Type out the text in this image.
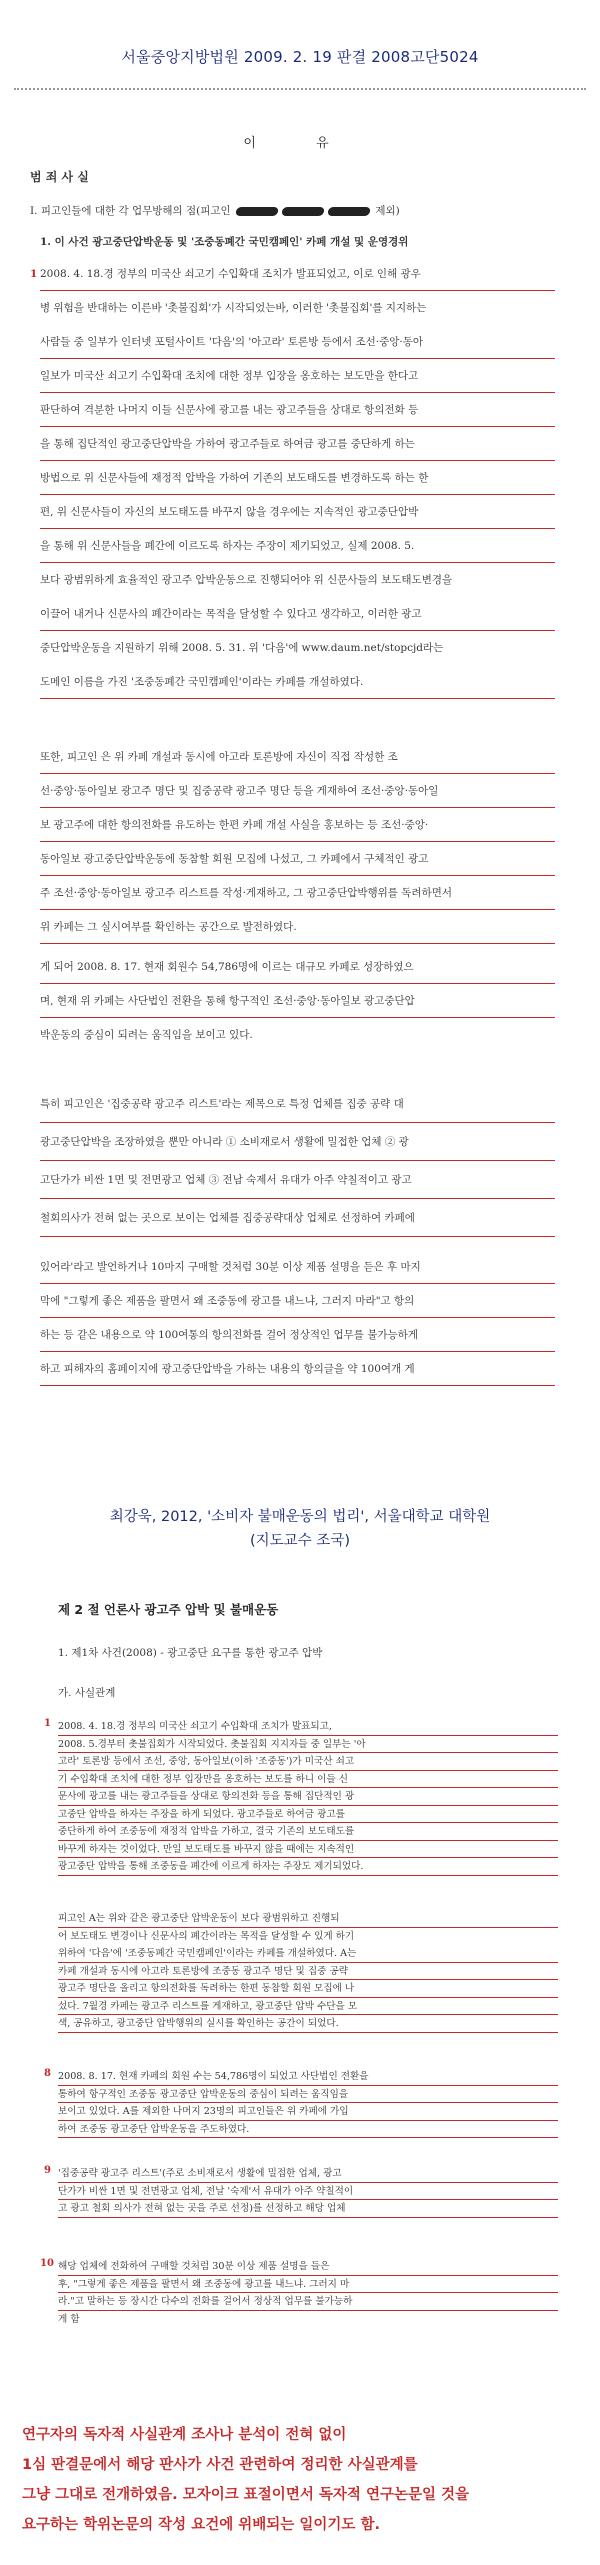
서울중앙지방법원 2009. 2. 19 판결 2008고단5024
이 유
범 죄 사 실
I. 피고인들에 대한 각 업무방해의 점(피고인	제외)
1. 이 사건 광고중단압박운동 및 '조중동폐간 국민캠페인' 카페 개설 및 운영경위
1 2008. 4. 18.경 정부의 미국산 쇠고기 수입확대 조치가 발표되었고, 이로 인해 광우
병 위험을 반대하는 이른바 '촛불집회'가 시작되었는바, 이러한 '촛불집회'를 지지하는
사람들 중 일부가 인터넷 포털사이트 '다음'의 '아고라' 토론방 등에서 조선·중앙·동아
일보가 미국산 쇠고기 수입확대 조치에 대한 정부 입장을 옹호하는 보도만을 한다고
판단하여 격분한 나머지 이들 신문사에 광고를 내는 광고주들을 상대로 항의전화 등
을 통해 집단적인 광고중단압박을 가하여 광고주들로 하여금 광고를 중단하게 하는
방법으로 위 신문사들에 재정적 압박을 가하여 기존의 보도태도를 변경하도록 하는 한
편, 위 신문사들이 자신의 보도태도를 바꾸지 않을 경우에는 지속적인 광고중단압박
을 통해 위 신문사들을 폐간에 이르도록 하자는 주장이 제기되었고, 실제 2008. 5.
보다 광범위하게 효율적인 광고주 압박운동으로 진행되어야 위 신문사들의 보도태도변경을
이끌어 내거나 신문사의 폐간이라는 목적을 달성할 수 있다고 생각하고, 이러한 광고
중단압박운동을 지원하기 위해 2008. 5. 31. 위 '다음'에 www.daum.net/stopcjd라는
도메인 이름을 가진 '조중동폐간 국민캠페인'이라는 카페를 개설하였다.
또한, 피고인 은 위 카페 개설과 동시에 아고라 토론방에 자신이 직접 작성한 조
선·중앙·동아일보 광고주 명단 및 집중공략 광고주 명단 등을 게재하여 조선·중앙·동아일
보 광고주에 대한 항의전화를 유도하는 한편 카페 개설 사실을 홍보하는 등 조선·중앙·
동아일보 광고중단압박운동에 동참할 회원 모집에 나섰고, 그 카페에서 구체적인 광고
주 조선·중앙·동아일보 광고주 리스트를 작성·게재하고, 그 광고중단압박행위를 독려하면서
위 카페는 그 실시여부를 확인하는 공간으로 발전하였다.
게 되어 2008. 8. 17. 현재 회원수 54,786명에 이르는 대규모 카페로 성장하였으
며, 현재 위 카페는 사단법인 전환을 통해 항구적인 조선·중앙·동아일보 광고중단압
박운동의 중심이 되려는 움직임을 보이고 있다.
특히 피고인은 '집중공략 광고주 리스트'라는 제목으로 특정 업체를 집중 공략 대
광고중단압박을 조장하였을 뿐만 아니라 ① 소비재로서 생활에 밀접한 업체 ② 광
고단가가 비싼 1면 및 전면광고 업체 ③ 전남 숙제서 유대가 아주 약칠적이고 광고
철회의사가 전혀 없는 곳으로 보이는 업체를 집중공략대상 업체로 선정하여 카페에
있어라'라고 발언하거나 10마지 구매할 것처럼 30분 이상 제품 설명을 듣은 후 마지
막에 "그렇게 좋은 제품을 팔면서 왜 조중동에 광고를 내느냐, 그러지 마라"고 항의
하는 등 같은 내용으로 약 100여통의 항의전화를 걸어 정상적인 업무를 불가능하게
하고 피해자의 홈페이지에 광고중단압박을 가하는 내용의 항의글을 약 100여개 게
최강욱, 2012, '소비자 불매운동의 법리', 서울대학교 대학원
(지도교수 조국)
제 2 절 언론사 광고주 압박 및 불매운동
1. 제1차 사건(2008) - 광고중단 요구를 통한 광고주 압박
가. 사실관계
2008. 4. 18.경 정부의 미국산 쇠고기 수입확대 조치가 발표되고,
2008. 5.경부터 촛불집회가 시작되었다. 촛불집회 지지자들 중 일부는 '아
고라' 토론방 등에서 조선, 중앙, 동아일보(이하 '조중동')가 미국산 쇠고
기 수입확대 조치에 대한 정부 입장만을 옹호하는 보도를 하니 이들 신
문사에 광고를 내는 광고주들을 상대로 항의전화 등을 통해 집단적인 광
고중단 압박을 하자는 주장을 하게 되었다. 광고주들로 하여금 광고를
중단하게 하여 조중동에 재정적 압박을 가하고, 결국 기존의 보도태도를
바꾸게 하자는 것이었다. 만일 보도태도를 바꾸지 않을 때에는 지속적인
광고중단 압박을 통해 조중동을 폐간에 이르게 하자는 주장도 제기되었다.
피고인 A는 위와 같은 광고중단 압박운동이 보다 광범위하고 진행되
어 보도태도 변경이나 신문사의 폐간이라는 목적을 달성할 수 있게 하기
위하여 '다음'에 '조중동폐간 국민캠페인'이라는 카페를 개설하였다. A는
카페 개설과 동시에 아고라 토론방에 조중동 광고주 명단 및 집중 공략
광고주 명단을 올리고 항의전화를 독려하는 한편 동참할 회원 모집에 나
섰다. 7월경 카페는 광고주 리스트를 게재하고, 광고중단 압박 수단을 모
색, 공유하고, 광고중단 압박행위의 실시를 확인하는 공간이 되었다.
2008. 8. 17. 현재 카페의 회원 수는 54,786명이 되었고 사단법인 전환을
통하여 항구적인 조중동 광고중단 압박운동의 중심이 되려는 움직임을
보이고 있었다. A를 제외한 나머지 23명의 피고인들은 위 카페에 가입
하여 조중동 광고중단 압박운동을 주도하였다.
'집중공략 광고주 리스트'(주로 소비재로서 생활에 밀접한 업체, 광고
단가가 비싼 1면 및 전면광고 업체, 전날 '숙제'서 유대가 아주 약칠적이
고 광고 철회 의사가 전혀 없는 곳을 주로 선정)를 선정하고 해당 업체
해당 업체에 전화하여 구매할 것처럼 30분 이상 제품 설명을 들은
후, "그렇게 좋은 제품을 팔면서 왜 조중동에 광고를 내느냐. 그러지 마
라."고 말하는 등 장시간 다수의 전화를 걸어서 정상적 업무를 불가능하
게 함
1
8
9
10
연구자의 독자적 사실관계 조사나 분석이 전혀 없이
1심 판결문에서 해당 판사가 사건 관련하여 정리한 사실관계를
그냥 그대로 전개하였음. 모자이크 표절이면서 독자적 연구논문일 것을
요구하는 학위논문의 작성 요건에 위배되는 일이기도 함.
